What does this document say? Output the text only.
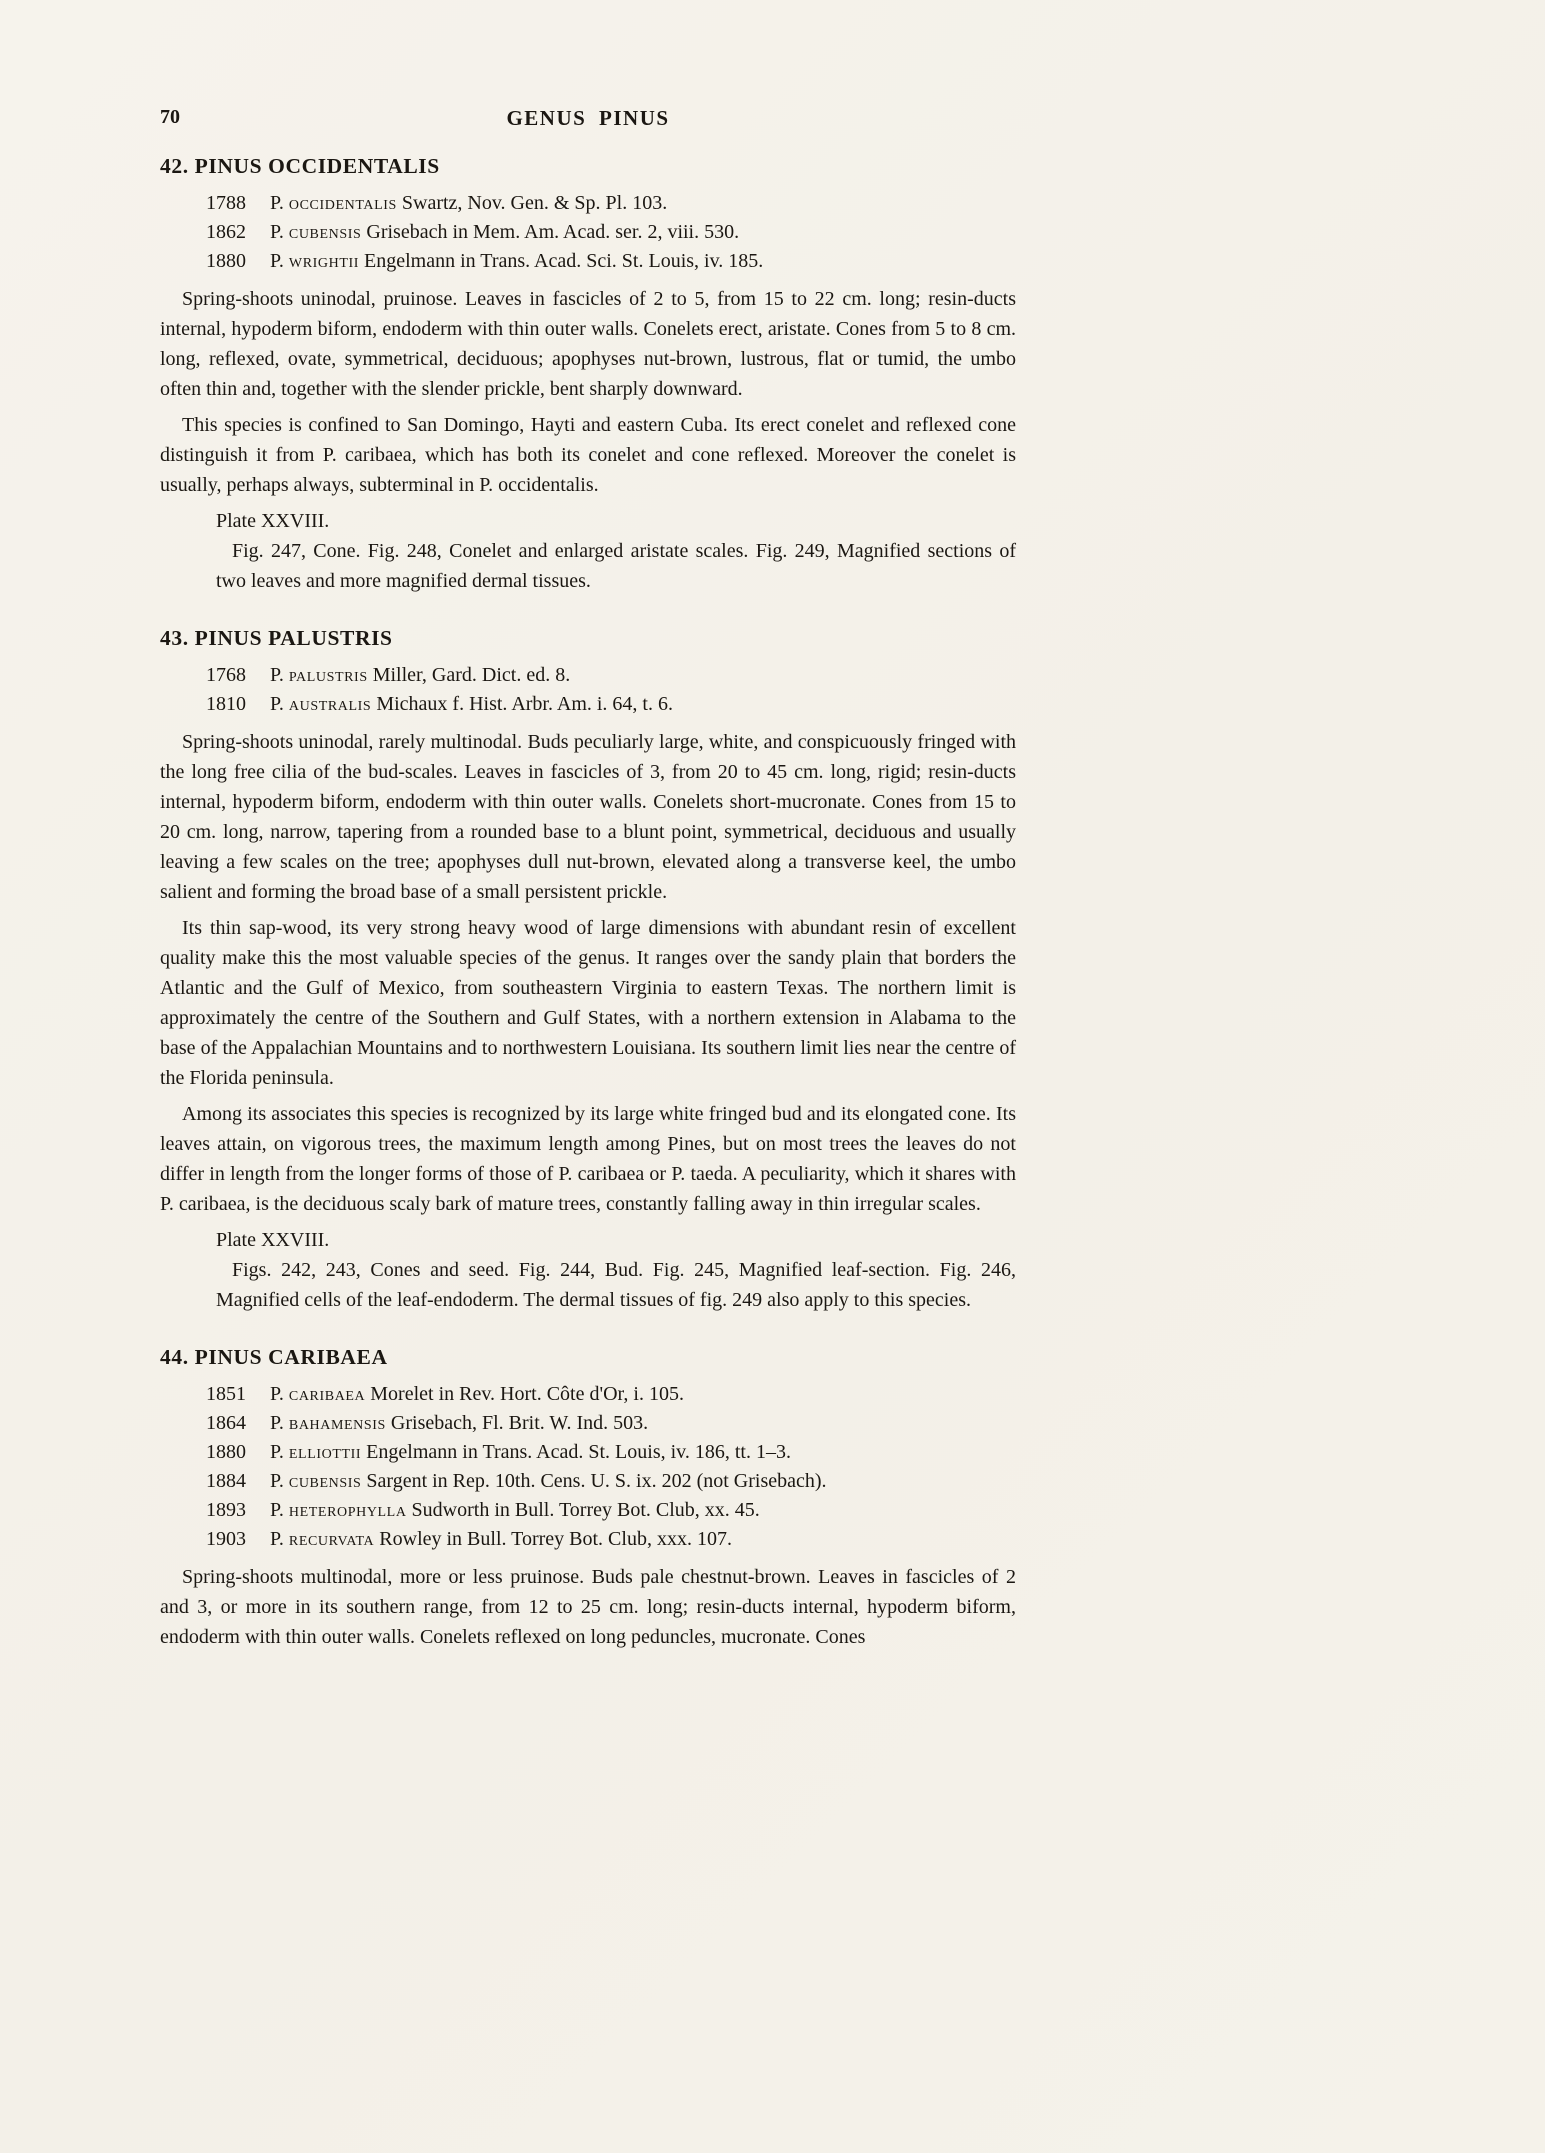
70	GENUS PINUS
42. PINUS OCCIDENTALIS
1788	P. occidentalis Swartz, Nov. Gen. & Sp. Pl. 103.
1862	P. cubensis Grisebach in Mem. Am. Acad. ser. 2, viii. 530.
1880	P. wrightii Engelmann in Trans. Acad. Sci. St. Louis, iv. 185.

Spring-shoots uninodal, pruinose. Leaves in fascicles of 2 to 5, from 15 to 22 cm. long; resin-ducts internal, hypoderm biform, endoderm with thin outer walls. Conelets erect, aristate. Cones from 5 to 8 cm. long, reflexed, ovate, symmetrical, deciduous; apophyses nut-brown, lustrous, flat or tumid, the umbo often thin and, together with the slender prickle, bent sharply downward.

This species is confined to San Domingo, Hayti and eastern Cuba. Its erect conelet and reflexed cone distinguish it from P. caribaea, which has both its conelet and cone reflexed. Moreover the conelet is usually, perhaps always, subterminal in P. occidentalis.

Plate XXVIII.

Fig. 247, Cone. Fig. 248, Conelet and enlarged aristate scales. Fig. 249, Magnified sections of two leaves and more magnified dermal tissues.

43. PINUS PALUSTRIS
1768	P. palustris Miller, Gard. Dict. ed. 8.
1810	P. australis Michaux f. Hist. Arbr. Am. i. 64, t. 6.

Spring-shoots uninodal, rarely multinodal. Buds peculiarly large, white, and conspicuously fringed with the long free cilia of the bud-scales. Leaves in fascicles of 3, from 20 to 45 cm. long, rigid; resin-ducts internal, hypoderm biform, endoderm with thin outer walls. Conelets short-mucronate. Cones from 15 to 20 cm. long, narrow, tapering from a rounded base to a blunt point, symmetrical, deciduous and usually leaving a few scales on the tree; apophyses dull nut-brown, elevated along a transverse keel, the umbo salient and forming the broad base of a small persistent prickle.

Its thin sap-wood, its very strong heavy wood of large dimensions with abundant resin of excellent quality make this the most valuable species of the genus. It ranges over the sandy plain that borders the Atlantic and the Gulf of Mexico, from southeastern Virginia to eastern Texas. The northern limit is approximately the centre of the Southern and Gulf States, with a northern extension in Alabama to the base of the Appalachian Mountains and to northwestern Louisiana. Its southern limit lies near the centre of the Florida peninsula.

Among its associates this species is recognized by its large white fringed bud and its elongated cone. Its leaves attain, on vigorous trees, the maximum length among Pines, but on most trees the leaves do not differ in length from the longer forms of those of P. caribaea or P. taeda. A peculiarity, which it shares with P. caribaea, is the deciduous scaly bark of mature trees, constantly falling away in thin irregular scales.

Plate XXVIII.

Figs. 242, 243, Cones and seed. Fig. 244, Bud. Fig. 245, Magnified leaf-section. Fig. 246, Magnified cells of the leaf-endoderm. The dermal tissues of fig. 249 also apply to this species.

44. PINUS CARIBAEA
1851	P. caribaea Morelet in Rev. Hort. Côte d'Or, i. 105.
1864	P. bahamensis Grisebach, Fl. Brit. W. Ind. 503.
1880	P. elliottii Engelmann in Trans. Acad. St. Louis, iv. 186, tt. 1–3.
1884	P. cubensis Sargent in Rep. 10th. Cens. U. S. ix. 202 (not Grisebach).
1893	P. heterophylla Sudworth in Bull. Torrey Bot. Club, xx. 45.
1903	P. recurvata Rowley in Bull. Torrey Bot. Club, xxx. 107.

Spring-shoots multinodal, more or less pruinose. Buds pale chestnut-brown. Leaves in fascicles of 2 and 3, or more in its southern range, from 12 to 25 cm. long; resin-ducts internal, hypoderm biform, endoderm with thin outer walls. Conelets reflexed on long peduncles, mucronate. Cones
